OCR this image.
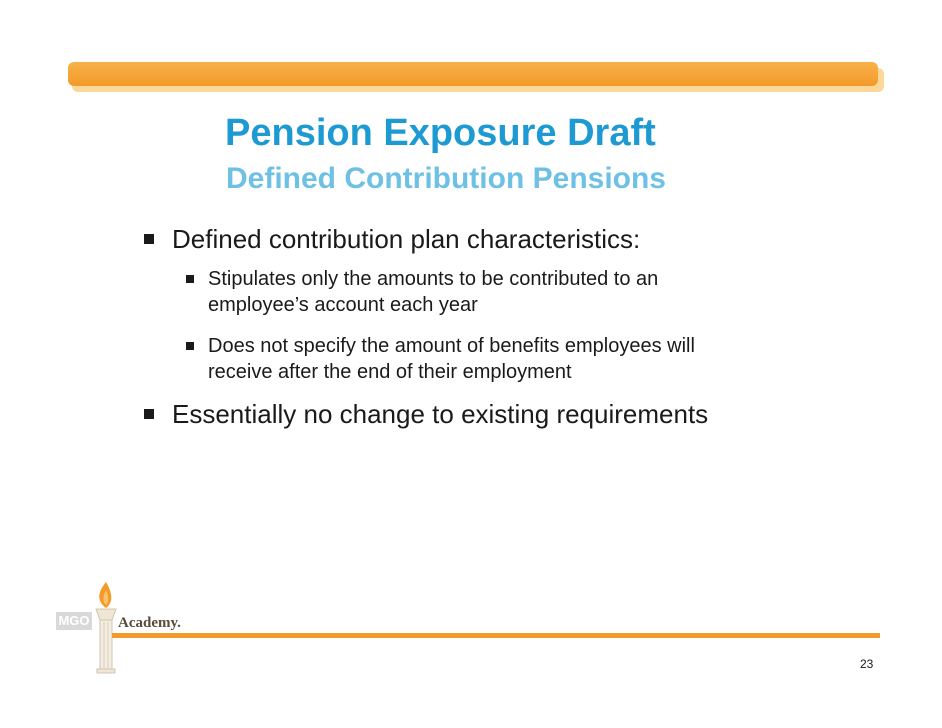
Pension Exposure Draft
Defined Contribution Pensions
Defined contribution plan characteristics:
Stipulates only the amounts to be contributed to an
employee’s account each year
Does not specify the amount of benefits employees will
receive after the end of their employment
Essentially no change to existing requirements
MGO Academy.
23
